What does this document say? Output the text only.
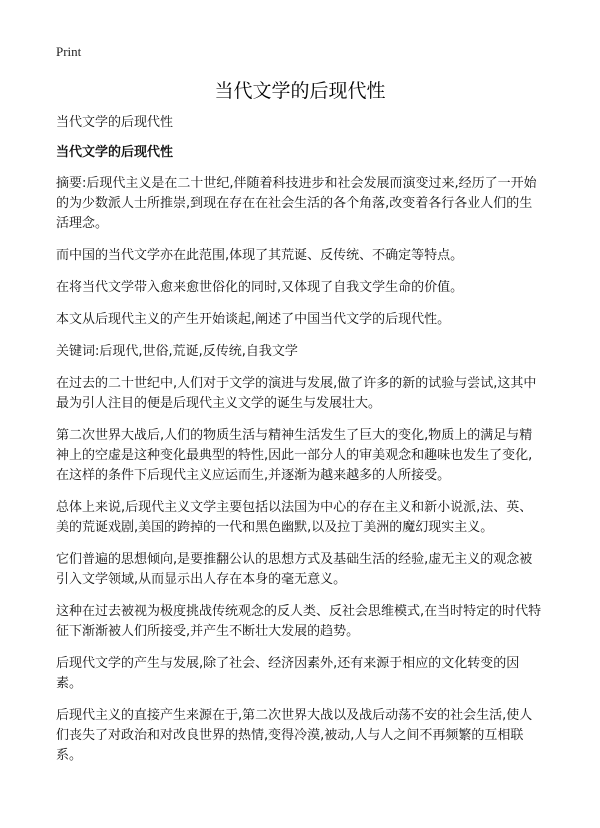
Print
当代文学的后现代性
当代文学的后现代性
当代文学的后现代性

摘要:后现代主义是在二十世纪,伴随着科技进步和社会发展而演变过来,经历了一开始的为少数派人士所推崇,到现在存在在社会生活的各个角落,改变着各行各业人们的生活理念。

而中国的当代文学亦在此范围,体现了其荒诞、反传统、不确定等特点。

在将当代文学带入愈来愈世俗化的同时,又体现了自我文学生命的价值。

本文从后现代主义的产生开始谈起,阐述了中国当代文学的后现代性。

关键词:后现代,世俗,荒诞,反传统,自我文学

在过去的二十世纪中,人们对于文学的演进与发展,做了许多的新的试验与尝试,这其中最为引人注目的便是后现代主义文学的诞生与发展壮大。

第二次世界大战后,人们的物质生活与精神生活发生了巨大的变化,物质上的满足与精神上的空虚是这种变化最典型的特性,因此一部分人的审美观念和趣味也发生了变化,在这样的条件下后现代主义应运而生,并逐渐为越来越多的人所接受。

总体上来说,后现代主义文学主要包括以法国为中心的存在主义和新小说派,法、英、美的荒诞戏剧,美国的跨掉的一代和黑色幽默,以及拉丁美洲的魔幻现实主义。

它们普遍的思想倾向,是要推翻公认的思想方式及基础生活的经验,虚无主义的观念被引入文学领域,从而显示出人存在本身的毫无意义。

这种在过去被视为极度挑战传统观念的反人类、反社会思维模式,在当时特定的时代特征下渐渐被人们所接受,并产生不断壮大发展的趋势。

后现代文学的产生与发展,除了社会、经济因素外,还有来源于相应的文化转变的因素。

后现代主义的直接产生来源在于,第二次世界大战以及战后动荡不安的社会生活,使人们丧失了对政治和对改良世界的热情,变得冷漠,被动,人与人之间不再频繁的互相联系。
